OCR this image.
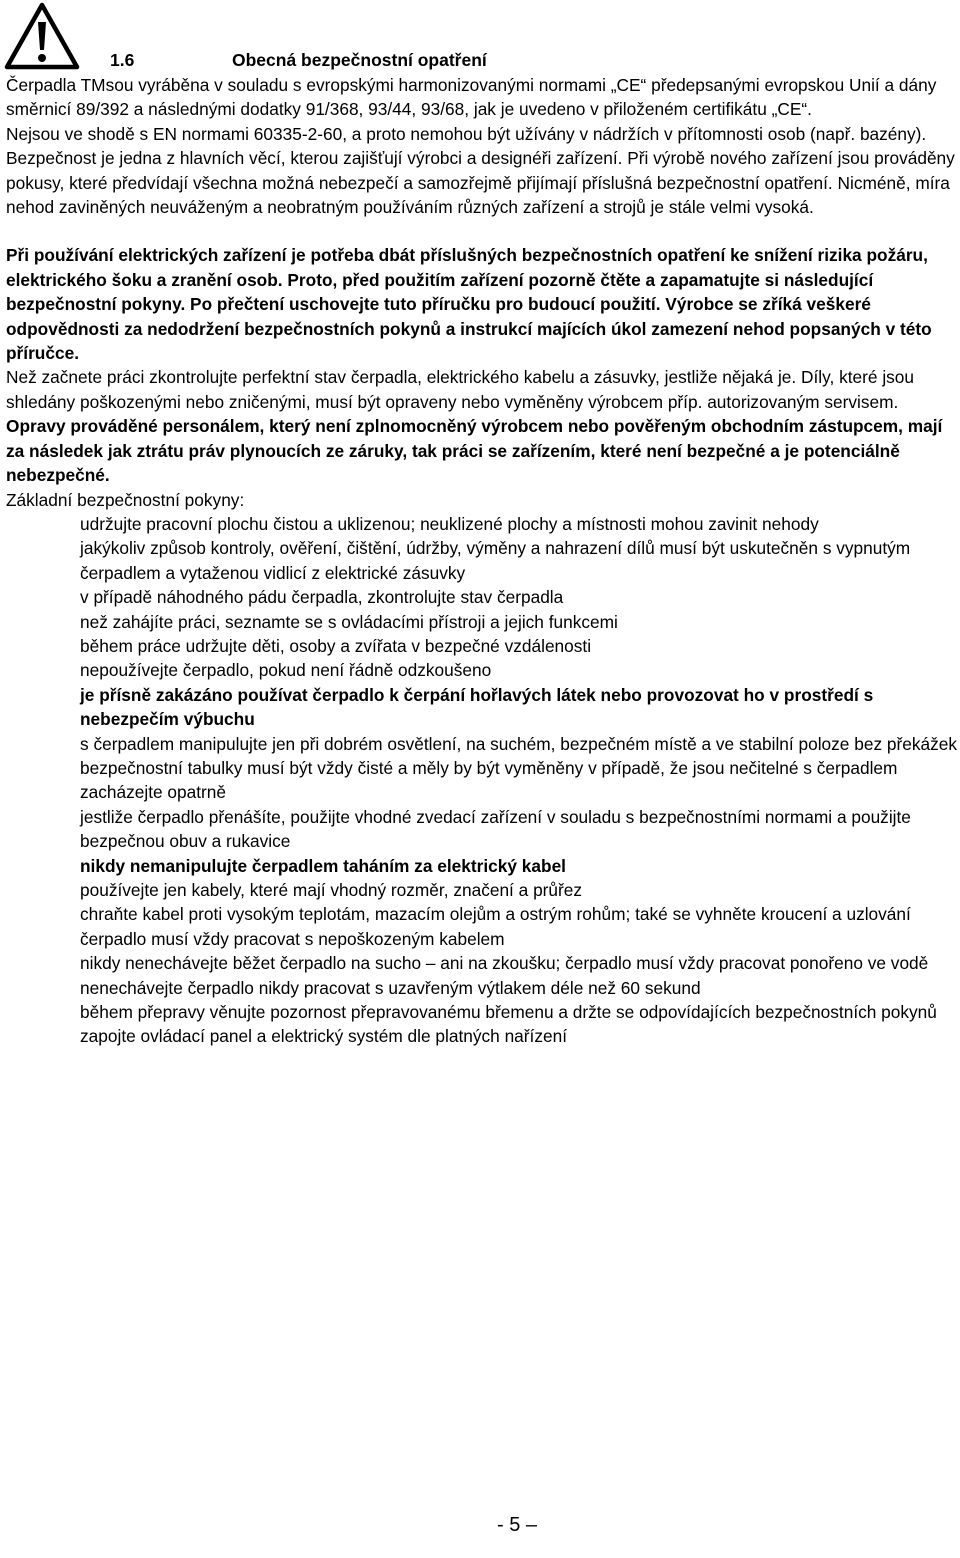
1.6	Obecná bezpečnostní opatření

Čerpadla TMsou vyráběna v souladu s evropskými harmonizovanými normami „CE“ předepsanými evropskou Unií a dány směrnicí 89/392 a následnými dodatky 91/368, 93/44, 93/68, jak je uvedeno v přiloženém certifikátu „CE“.

Nejsou ve shodě s EN normami 60335-2-60, a proto nemohou být užívány v nádržích v přítomnosti osob (např. bazény).

Bezpečnost je jedna z hlavních věcí, kterou zajišťují výrobci a designéři zařízení. Při výrobě nového zařízení jsou prováděny pokusy, které předvídají všechna možná nebezpečí a samozřejmě přijímají příslušná bezpečnostní opatření. Nicméně, míra nehod zaviněných neuváženým a neobratným používáním různých zařízení a strojů je stále velmi vysoká.

Při používání elektrických zařízení je potřeba dbát příslušných bezpečnostních opatření ke snížení rizika požáru, elektrického šoku a zranění osob. Proto, před použitím zařízení pozorně čtěte a zapamatujte si následující bezpečnostní pokyny. Po přečtení uschovejte tuto příručku pro budoucí použití. Výrobce se zříká veškeré odpovědnosti za nedodržení bezpečnostních pokynů a instrukcí majících úkol zamezení nehod popsaných v této příručce.

Než začnete práci zkontrolujte perfektní stav čerpadla, elektrického kabelu a zásuvky, jestliže nějaká je. Díly, které jsou shledány poškozenými nebo zničenými, musí být opraveny nebo vyměněny výrobcem příp. autorizovaným servisem.

Opravy prováděné personálem, který není zplnomocněný výrobcem nebo pověřeným obchodním zástupcem, mají za následek jak ztrátu práv plynoucích ze záruky, tak práci se zařízením, které není bezpečné a je potenciálně nebezpečné.

Základní bezpečnostní pokyny:

udržujte pracovní plochu čistou a uklizenou; neuklizené plochy a místnosti mohou zavinit nehody
jakýkoliv způsob kontroly, ověření, čištění, údržby, výměny a nahrazení dílů musí být uskutečněn s vypnutým čerpadlem a vytaženou vidlicí z elektrické zásuvky
v případě náhodného pádu čerpadla, zkontrolujte stav čerpadla
než zahájíte práci, seznamte se s ovládacími přístroji a jejich funkcemi
během práce udržujte děti, osoby a zvířata v bezpečné vzdálenosti
nepoužívejte čerpadlo, pokud není řádně odzkoušeno
je přísně zakázáno používat čerpadlo k čerpání hořlavých látek nebo provozovat ho v prostředí s nebezpečím výbuchu
s čerpadlem manipulujte jen při dobrém osvětlení, na suchém, bezpečném místě a ve stabilní poloze bez překážek
bezpečnostní tabulky musí být vždy čisté a měly by být vyměněny v případě, že jsou nečitelné s čerpadlem zacházejte opatrně
jestliže čerpadlo přenášíte, použijte vhodné zvedací zařízení v souladu s bezpečnostními normami a použijte bezpečnou obuv a rukavice
nikdy nemanipulujte čerpadlem taháním za elektrický kabel
používejte jen kabely, které mají vhodný rozměr, značení a průřez
chraňte kabel proti vysokým teplotám, mazacím olejům a ostrým rohům; také se vyhněte kroucení a uzlování
čerpadlo musí vždy pracovat s nepoškozeným kabelem
nikdy nenechávejte běžet čerpadlo na sucho – ani na zkoušku; čerpadlo musí vždy pracovat ponořeno ve vodě
nenechávejte čerpadlo nikdy pracovat s uzavřeným výtlakem déle než 60 sekund
během přepravy věnujte pozornost přepravovanému břemenu a držte se odpovídajících bezpečnostních pokynů
zapojte ovládací panel a elektrický systém dle platných nařízení
- 5 –
